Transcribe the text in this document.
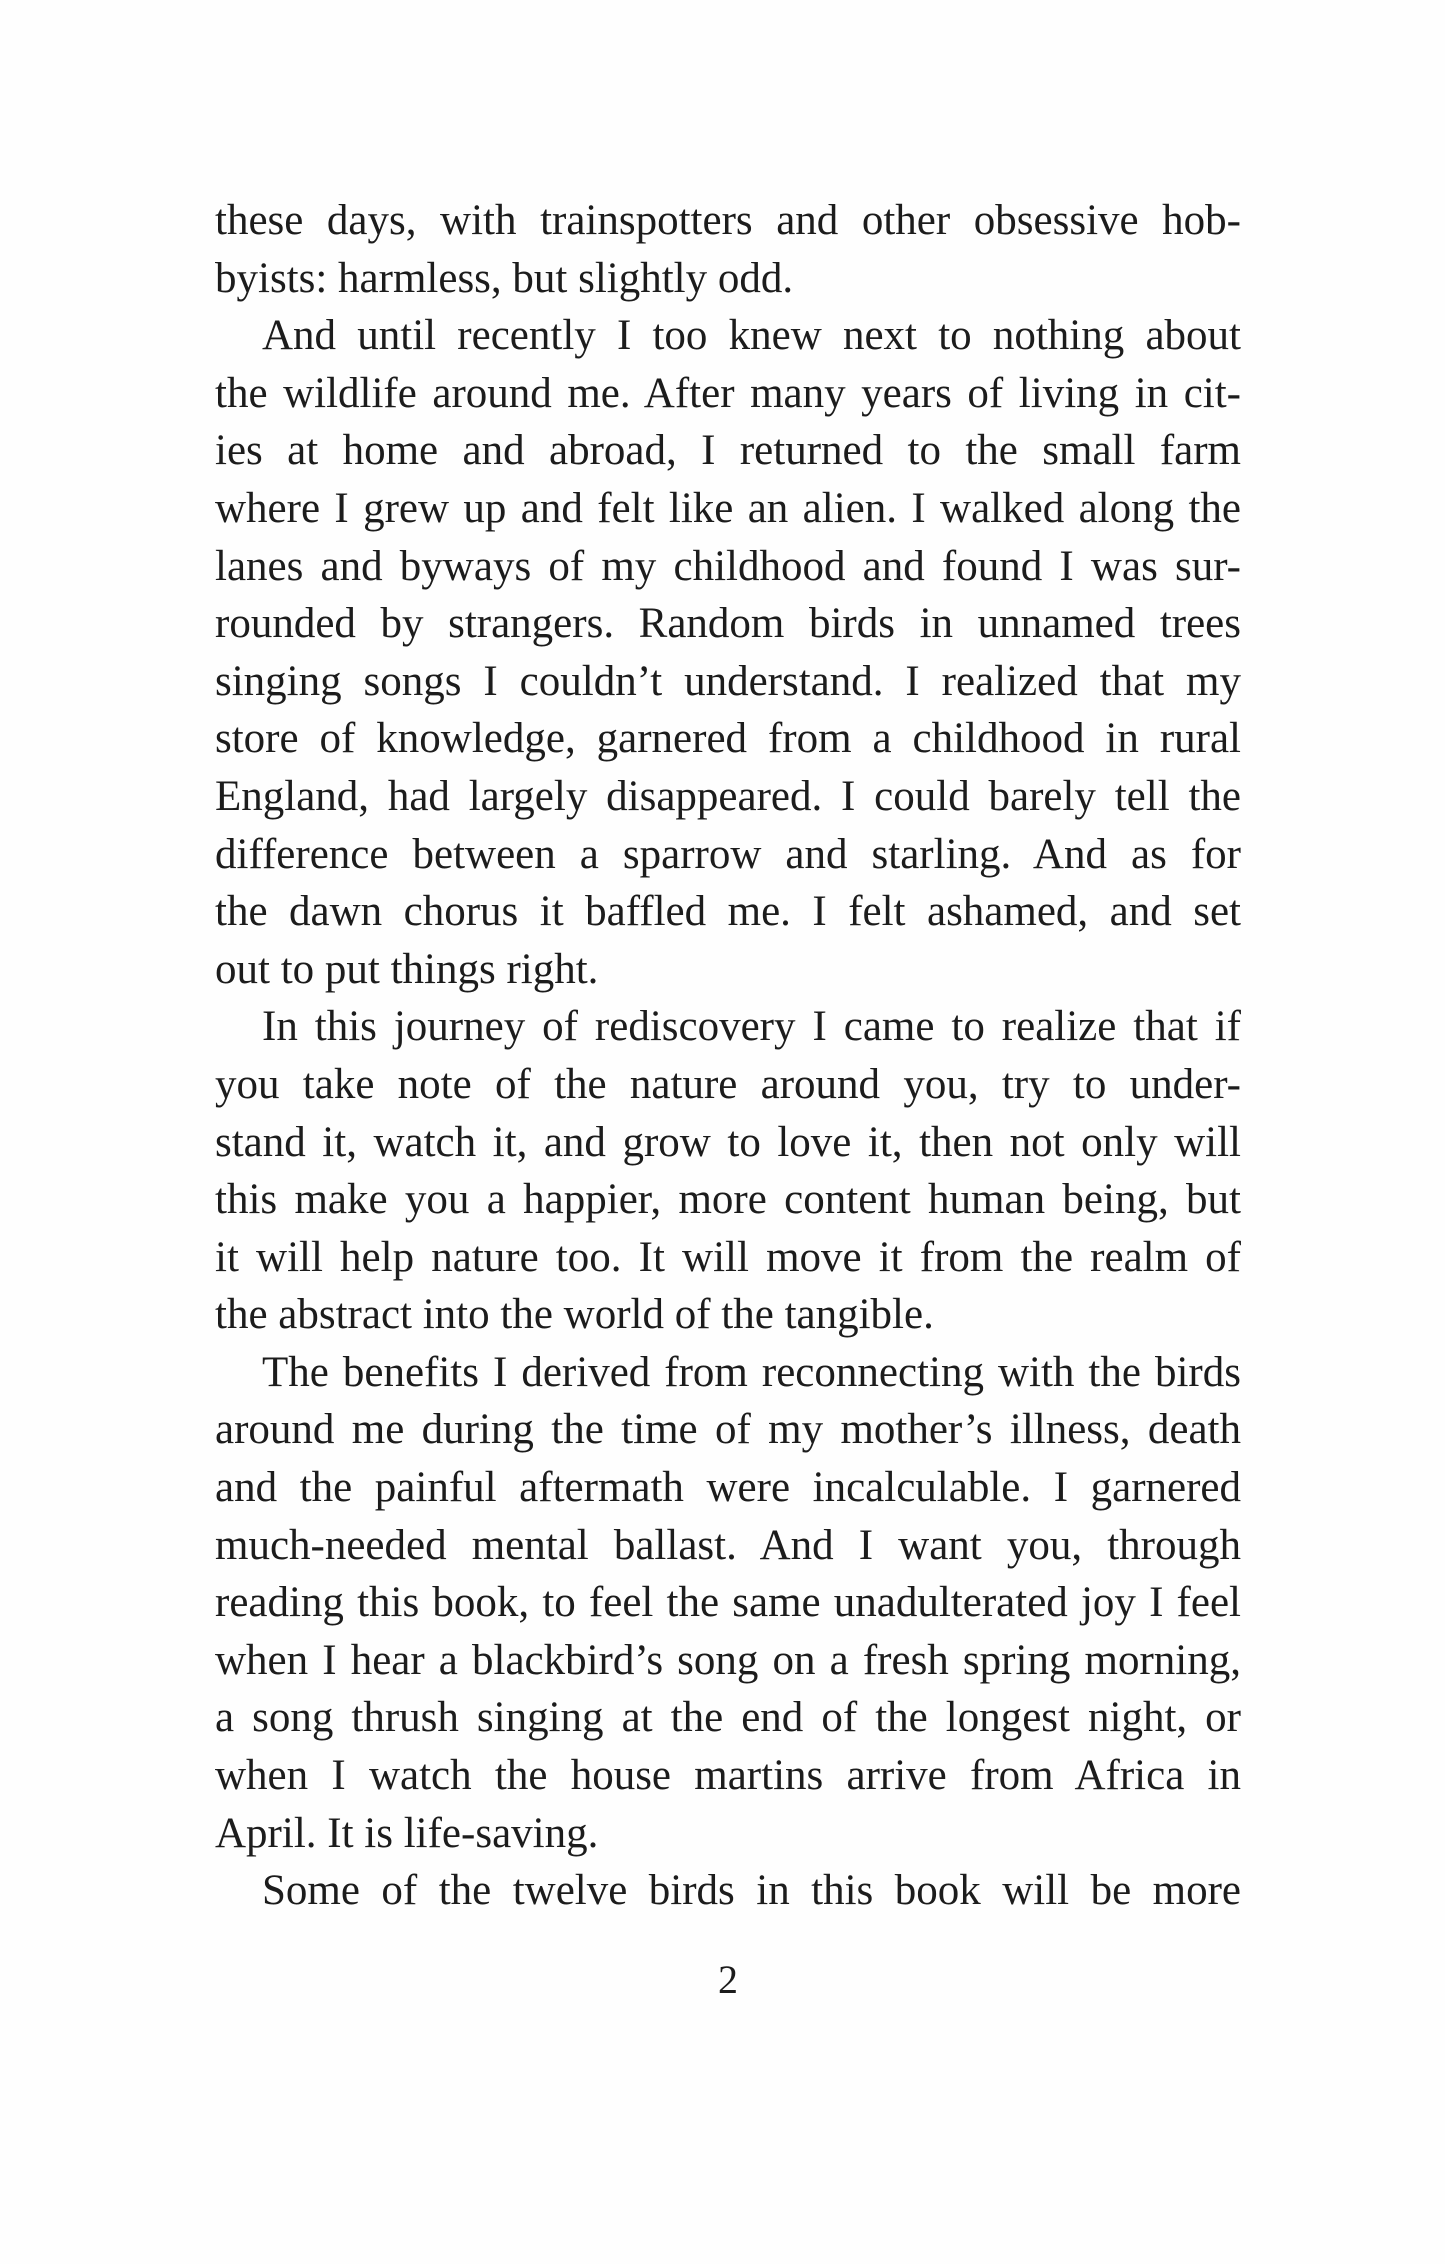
these days, with trainspotters and other obsessive hob-
byists: harmless, but slightly odd.
And until recently I too knew next to nothing about
the wildlife around me. After many years of living in cit-
ies at home and abroad, I returned to the small farm
where I grew up and felt like an alien. I walked along the
lanes and byways of my childhood and found I was sur-
rounded by strangers. Random birds in unnamed trees
singing songs I couldn’t understand. I realized that my
store of knowledge, garnered from a childhood in rural
England, had largely disappeared. I could barely tell the
difference between a sparrow and starling. And as for
the dawn chorus it baffled me. I felt ashamed, and set
out to put things right.
In this journey of rediscovery I came to realize that if
you take note of the nature around you, try to under-
stand it, watch it, and grow to love it, then not only will
this make you a happier, more content human being, but
it will help nature too. It will move it from the realm of
the abstract into the world of the tangible.
The benefits I derived from reconnecting with the birds
around me during the time of my mother’s illness, death
and the painful aftermath were incalculable. I garnered
much-needed mental ballast. And I want you, through
reading this book, to feel the same unadulterated joy I feel
when I hear a blackbird’s song on a fresh spring morning,
a song thrush singing at the end of the longest night, or
when I watch the house martins arrive from Africa in
April. It is life-saving.
Some of the twelve birds in this book will be more
2
